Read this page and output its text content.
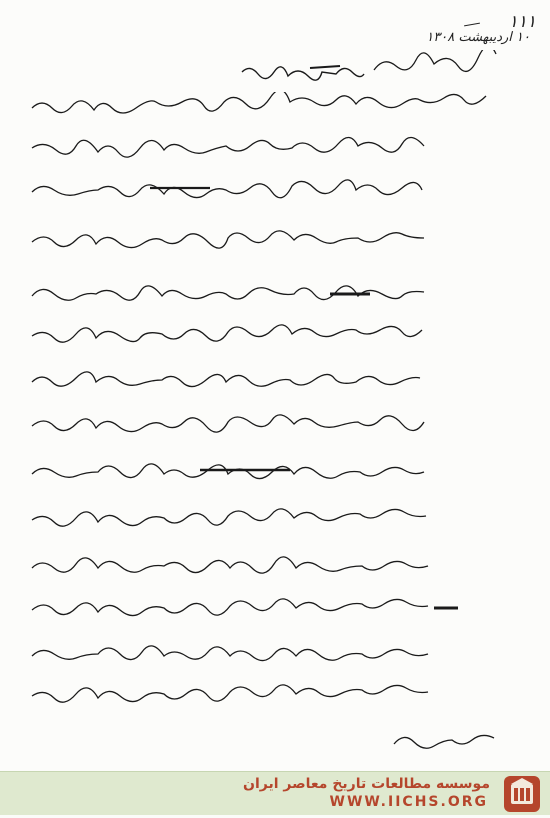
۱۱۱
۱۰ اردیبهشت ۱۳۰۸
موسسه مطالعات تاریخ معاصر ایران
WWW.IICHS.ORG
